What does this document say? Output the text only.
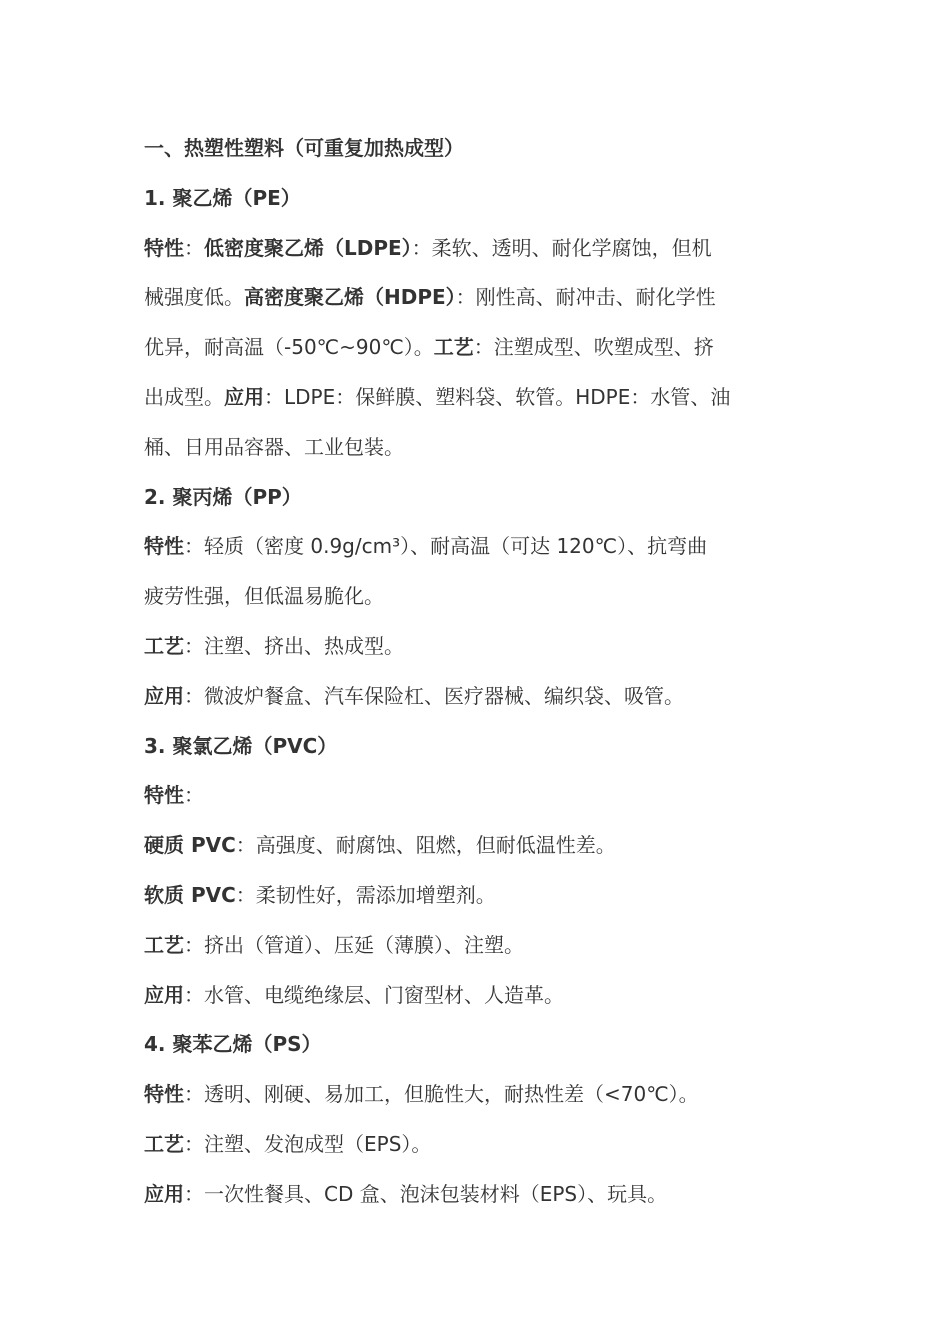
一、热塑性塑料（可重复加热成型）

1. 聚乙烯（PE）

特性：低密度聚乙烯（LDPE）：柔软、透明、耐化学腐蚀，但机

械强度低。高密度聚乙烯（HDPE）：刚性高、耐冲击、耐化学性

优异，耐高温（-50℃~90℃）。工艺：注塑成型、吹塑成型、挤

出成型。应用：LDPE：保鲜膜、塑料袋、软管。HDPE：水管、油

桶、日用品容器、工业包装。

2. 聚丙烯（PP）

特性：轻质（密度 0.9g/cm³）、耐高温（可达 120℃）、抗弯曲

疲劳性强，但低温易脆化。

工艺：注塑、挤出、热成型。

应用：微波炉餐盒、汽车保险杠、医疗器械、编织袋、吸管。

3. 聚氯乙烯（PVC）

特性：

硬质 PVC：高强度、耐腐蚀、阻燃，但耐低温性差。

软质 PVC：柔韧性好，需添加增塑剂。

工艺：挤出（管道）、压延（薄膜）、注塑。

应用：水管、电缆绝缘层、门窗型材、人造革。

4. 聚苯乙烯（PS）

特性：透明、刚硬、易加工，但脆性大，耐热性差（<70℃）。

工艺：注塑、发泡成型（EPS）。

应用：一次性餐具、CD 盒、泡沫包装材料（EPS）、玩具。
